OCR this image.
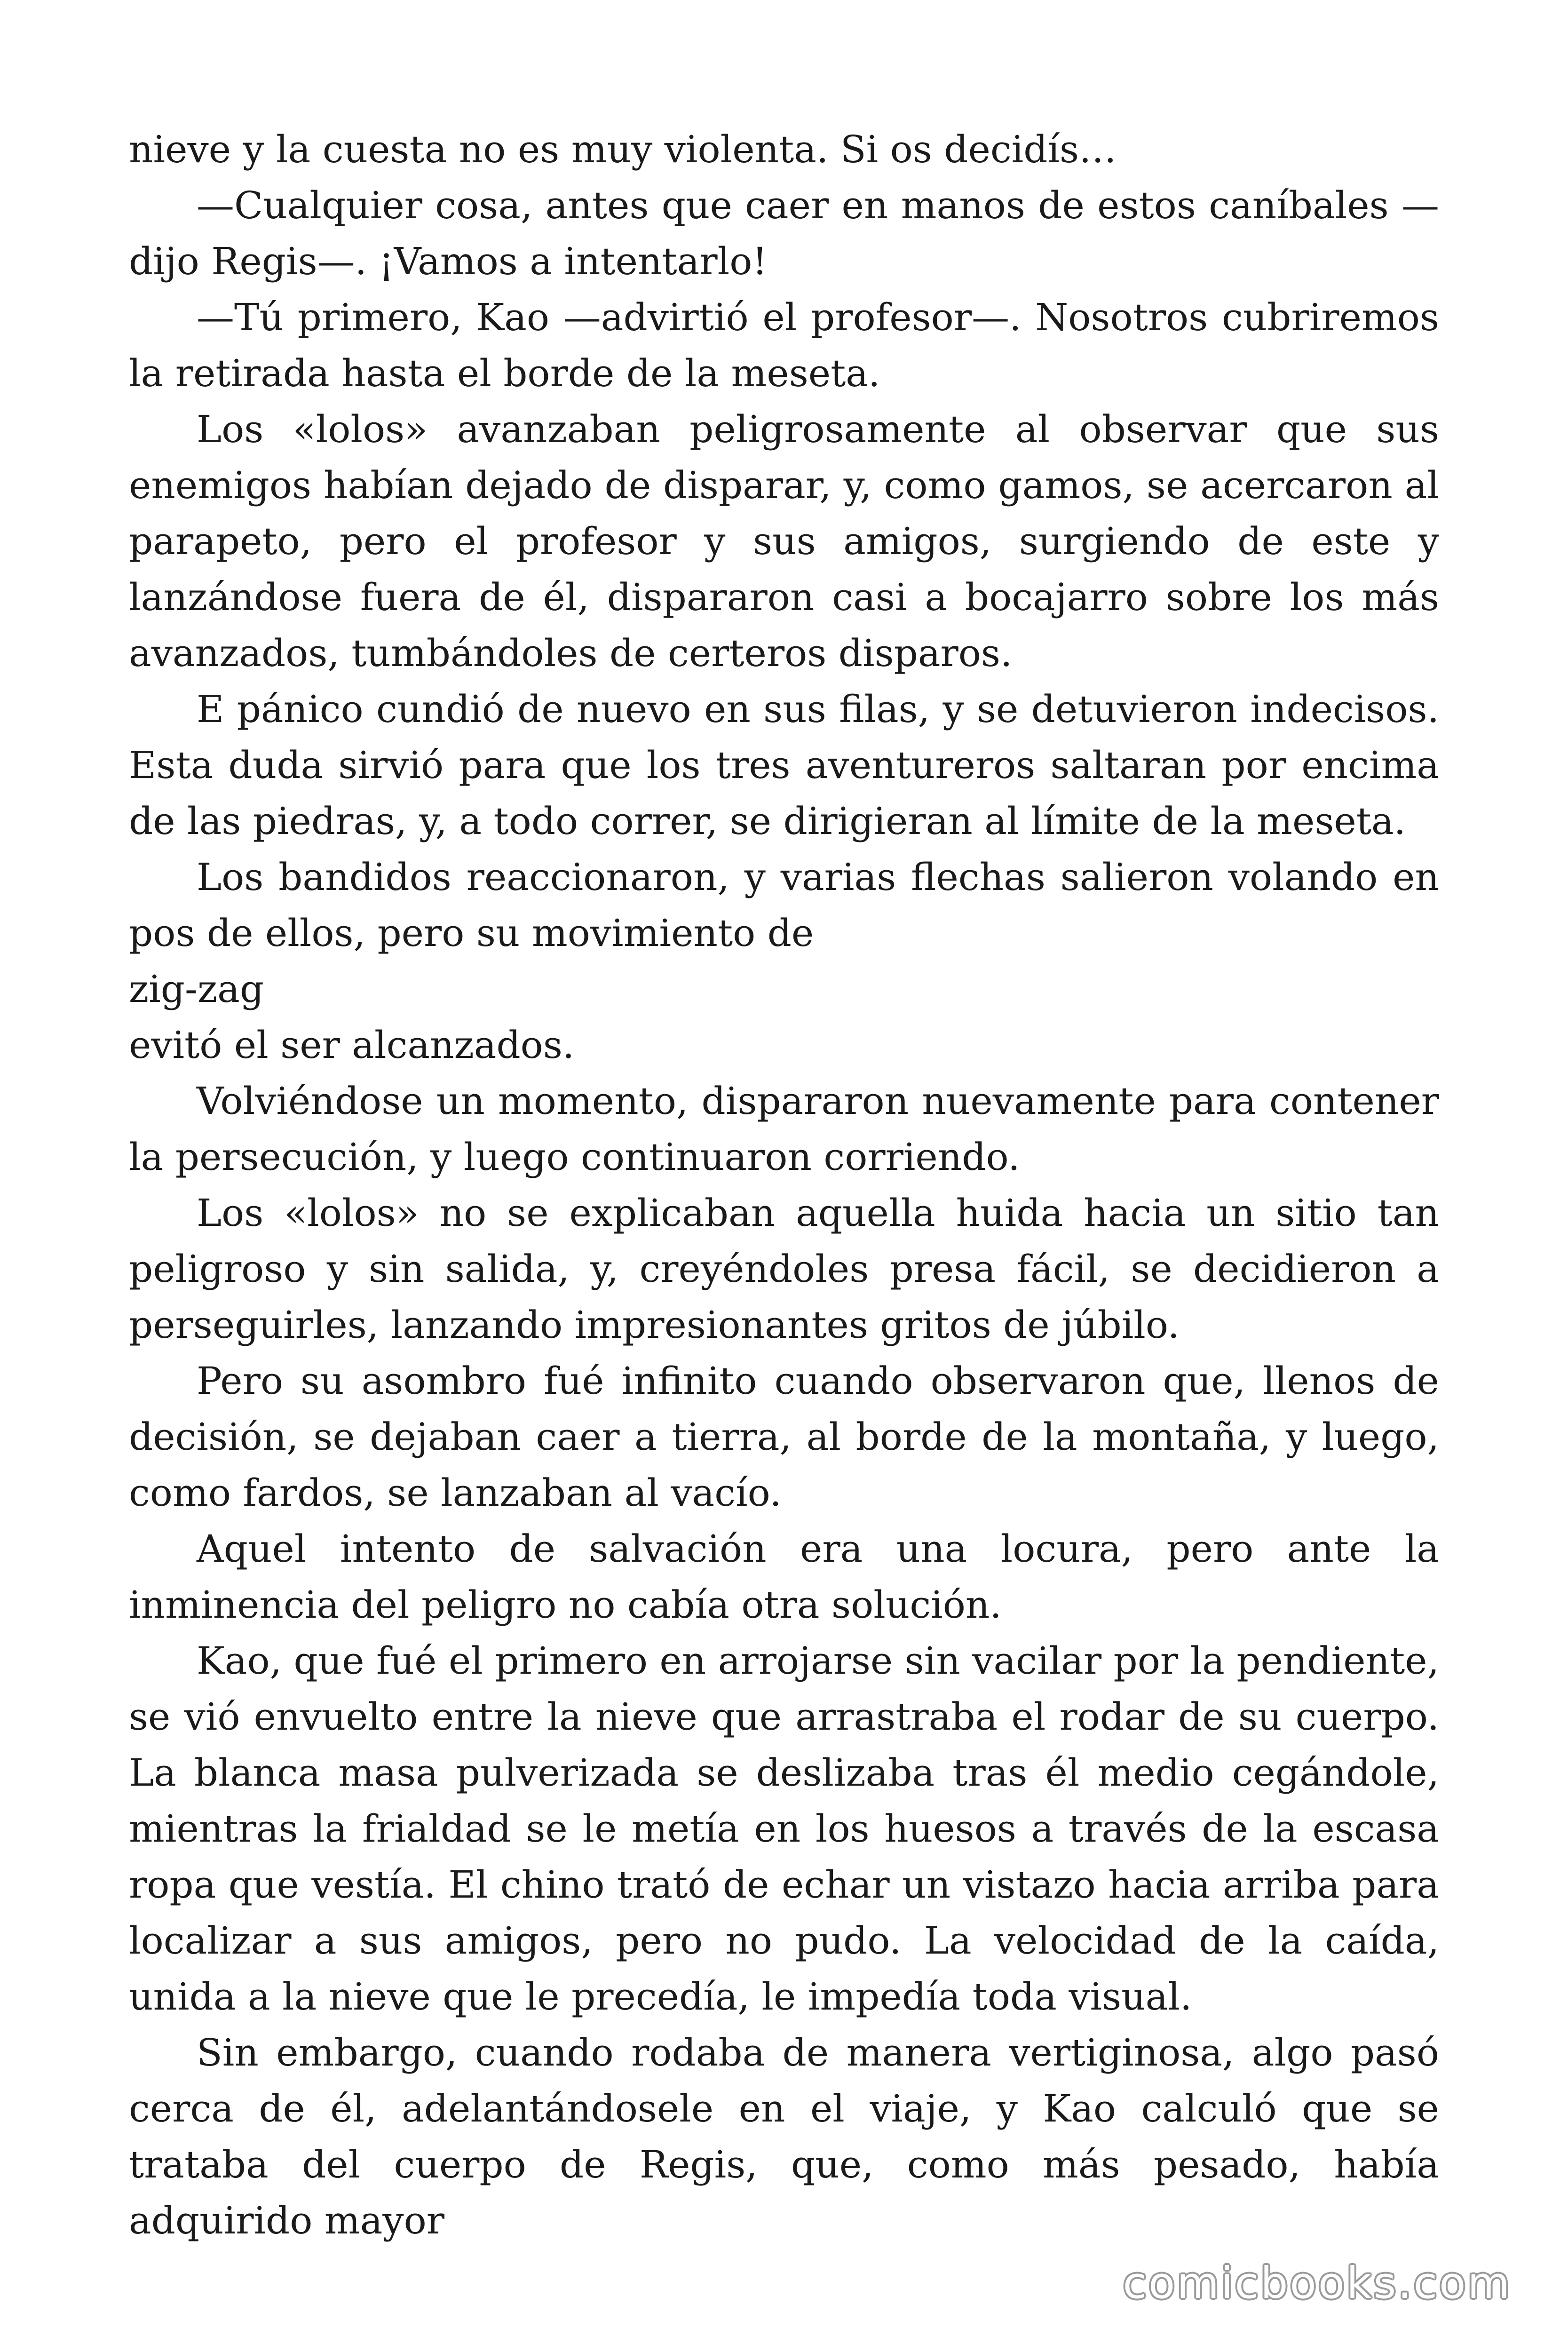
nieve y la cuesta no es muy violenta. Si os decidís…

—Cualquier cosa, antes que caer en manos de estos caníbales —dijo Regis—. ¡Vamos a intentarlo!

—Tú primero, Kao —advirtió el profesor—. Nosotros cubriremos la retirada hasta el borde de la meseta.

Los «lolos» avanzaban peligrosamente al observar que sus enemigos habían dejado de disparar, y, como gamos, se acercaron al parapeto, pero el profesor y sus amigos, surgiendo de este y lanzándose fuera de él, dispararon casi a bocajarro sobre los más avanzados, tumbándoles de certeros disparos.

E pánico cundió de nuevo en sus filas, y se detuvieron indecisos. Esta duda sirvió para que los tres aventureros saltaran por encima de las piedras, y, a todo correr, se dirigieran al límite de la meseta.

Los bandidos reaccionaron, y varias flechas salieron volando en pos de ellos, pero su movimiento de

zig-zag

evitó el ser alcanzados.

Volviéndose un momento, dispararon nuevamente para contener la persecución, y luego continuaron corriendo.

Los «lolos» no se explicaban aquella huida hacia un sitio tan peligroso y sin salida, y, creyéndoles presa fácil, se decidieron a perseguirles, lanzando impresionantes gritos de júbilo.

Pero su asombro fué infinito cuando observaron que, llenos de decisión, se dejaban caer a tierra, al borde de la montaña, y luego, como fardos, se lanzaban al vacío.

Aquel intento de salvación era una locura, pero ante la inminencia del peligro no cabía otra solución.

Kao, que fué el primero en arrojarse sin vacilar por la pendiente, se vió envuelto entre la nieve que arrastraba el rodar de su cuerpo. La blanca masa pulverizada se deslizaba tras él medio cegándole, mientras la frialdad se le metía en los huesos a través de la escasa ropa que vestía. El chino trató de echar un vistazo hacia arriba para localizar a sus amigos, pero no pudo. La velocidad de la caída, unida a la nieve que le precedía, le impedía toda visual.

Sin embargo, cuando rodaba de manera vertiginosa, algo pasó cerca de él, adelantándosele en el viaje, y Kao calculó que se trataba del cuerpo de Regis, que, como más pesado, había adquirido mayor

comicbooks.com
